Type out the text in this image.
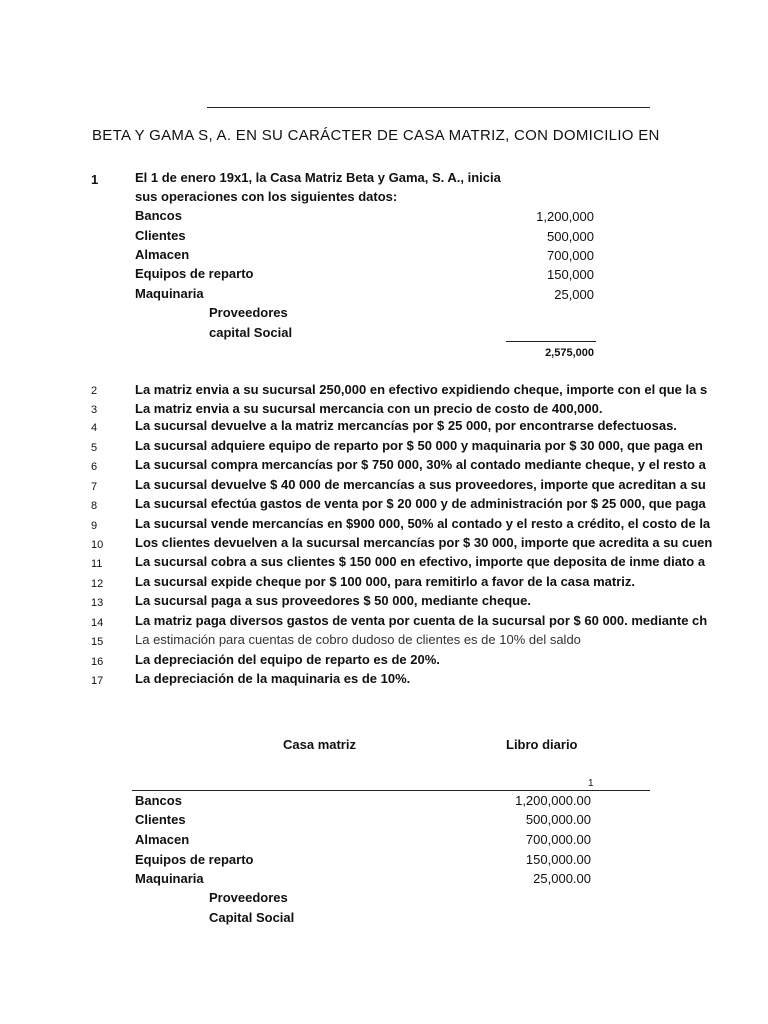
BETA Y GAMA S, A. EN SU CARÁCTER DE CASA MATRIZ, CON DOMICILIO EN
1	El 1 de enero 19x1, la Casa Matriz Beta y Gama, S. A., inicia
sus operaciones con los siguientes datos:
Bancos	1,200,000
Clientes	500,000
Almacen	700,000
Equipos de reparto	150,000
Maquinaria	25,000
Proveedores
capital Social
2,575,000
2	La matriz envia a su sucursal 250,000 en efectivo expidiendo cheque, importe con el que la s
3	La matriz envia a su sucursal mercancia con un precio de costo de 400,000.
4	La sucursal devuelve a la matriz mercancías por $ 25 000, por encontrarse defectuosas.
5	La sucursal adquiere equipo de reparto por $ 50 000 y maquinaria por $ 30 000, que paga en
6	La sucursal compra mercancías por $ 750 000, 30% al contado mediante cheque, y el resto a
7	La sucursal devuelve $ 40 000 de mercancías a sus proveedores, importe que acreditan a su
8	La sucursal efectúa gastos de venta por $ 20 000 y de administración por $ 25 000, que paga
9	La sucursal vende mercancías en $900 000, 50% al contado y el resto a crédito, el costo de la
10 Los clientes devuelven a la sucursal mercancías por $ 30 000, importe que acredita a su cuen
11	La sucursal cobra a sus clientes $ 150 000 en efectivo, importe que deposita de inme diato a
12 La sucursal expide cheque por $ 100 000, para remitirlo a favor de la casa matriz.
13 La sucursal paga a sus proveedores $ 50 000, mediante cheque.
14 La matriz paga diversos gastos de venta por cuenta de la sucursal por $ 60 000. mediante ch
15 La estimación para cuentas de cobro dudoso de clientes es de 10% del saldo
16 La depreciación del equipo de reparto es de 20%.
17 La depreciación de la maquinaria es de 10%.
Casa matriz	Libro diario
1
Bancos	1,200,000.00
Clientes	500,000.00
Almacen	700,000.00
Equipos de reparto	150,000.00
Maquinaria	25,000.00
Proveedores
Capital Social
